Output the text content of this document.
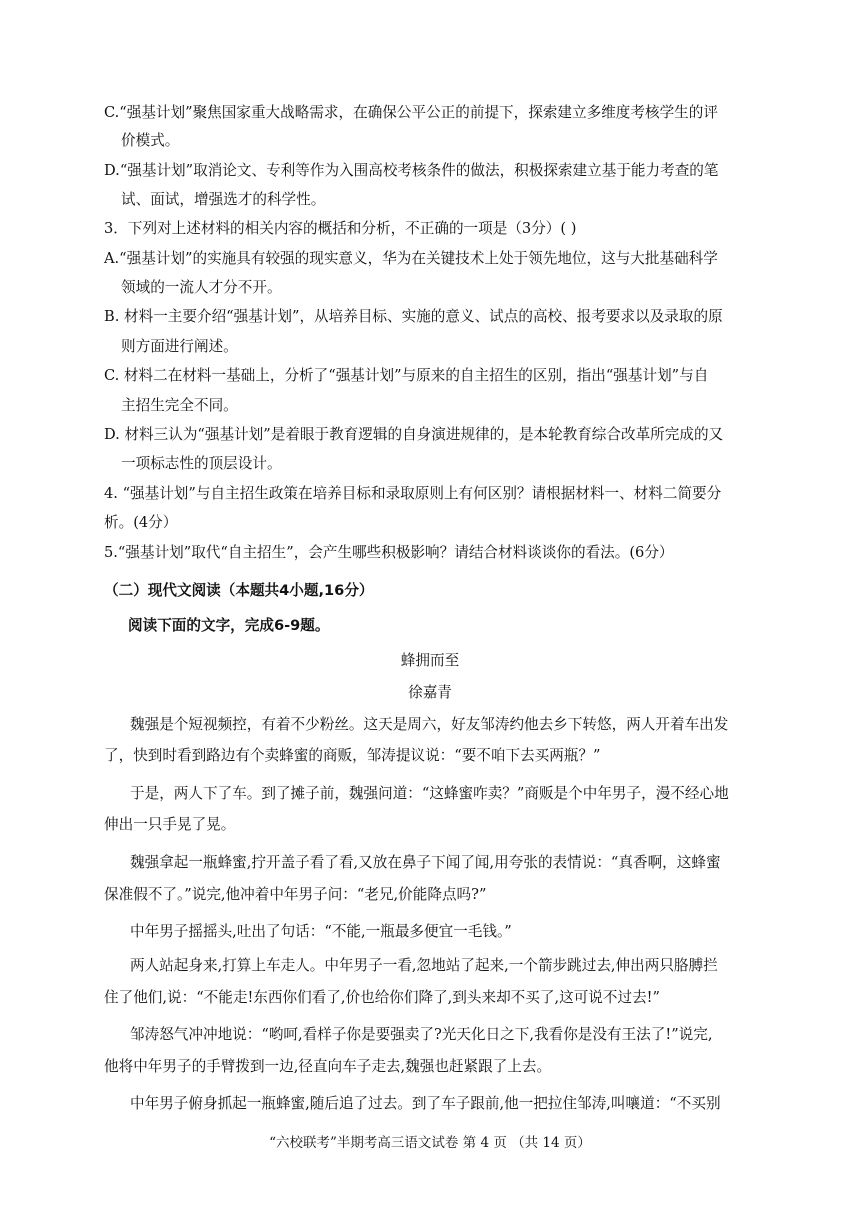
C.“强基计划”聚焦国家重大战略需求，在确保公平公正的前提下，探索建立多维度考核学生的评
价模式。
D.“强基计划”取消论文、专利等作为入围高校考核条件的做法，积极探索建立基于能力考查的笔
试、面试，增强选才的科学性。
3．下列对上述材料的相关内容的概括和分析，不正确的一项是（3分）( )
A.“强基计划”的实施具有较强的现实意义，华为在关键技术上处于领先地位，这与大批基础科学
领域的一流人才分不开。
B. 材料一主要介绍“强基计划”，从培养目标、实施的意义、试点的高校、报考要求以及录取的原
则方面进行阐述。
C. 材料二在材料一基础上，分析了“强基计划”与原来的自主招生的区别，指出“强基计划”与自
主招生完全不同。
D. 材料三认为“强基计划”是着眼于教育逻辑的自身演进规律的，是本轮教育综合改革所完成的又
一项标志性的顶层设计。
4. “强基计划”与自主招生政策在培养目标和录取原则上有何区别？请根据材料一、材料二简要分
析。(4分）
5.“强基计划”取代“自主招生”，会产生哪些积极影响？请结合材料谈谈你的看法。(6分）
（二）现代文阅读（本题共4小题,16分）
阅读下面的文字，完成6-9题。
蜂拥而至
徐嘉青
魏强是个短视频控，有着不少粉丝。这天是周六，好友邹涛约他去乡下转悠，两人开着车出发
了，快到时看到路边有个卖蜂蜜的商贩，邹涛提议说：“要不咱下去买两瓶？”
于是，两人下了车。到了摊子前，魏强问道：“这蜂蜜咋卖？”商贩是个中年男子，漫不经心地
伸出一只手晃了晃。
魏强拿起一瓶蜂蜜,拧开盖子看了看,又放在鼻子下闻了闻,用夸张的表情说：“真香啊，这蜂蜜
保准假不了。”说完,他冲着中年男子问：“老兄,价能降点吗?”
中年男子摇摇头,吐出了句话：“不能,一瓶最多便宜一毛钱。”
两人站起身来,打算上车走人。中年男子一看,忽地站了起来,一个箭步跳过去,伸出两只胳膊拦
住了他们,说：“不能走!东西你们看了,价也给你们降了,到头来却不买了,这可说不过去!”
邹涛怒气冲冲地说：“哟呵,看样子你是要强卖了?光天化日之下,我看你是没有王法了!”说完,
他将中年男子的手臂拨到一边,径直向车子走去,魏强也赶紧跟了上去。
中年男子俯身抓起一瓶蜂蜜,随后追了过去。到了车子跟前,他一把拉住邹涛,叫嚷道：“不买别
“六校联考”半期考高三语文试卷 第 4 页 （共 14 页）
